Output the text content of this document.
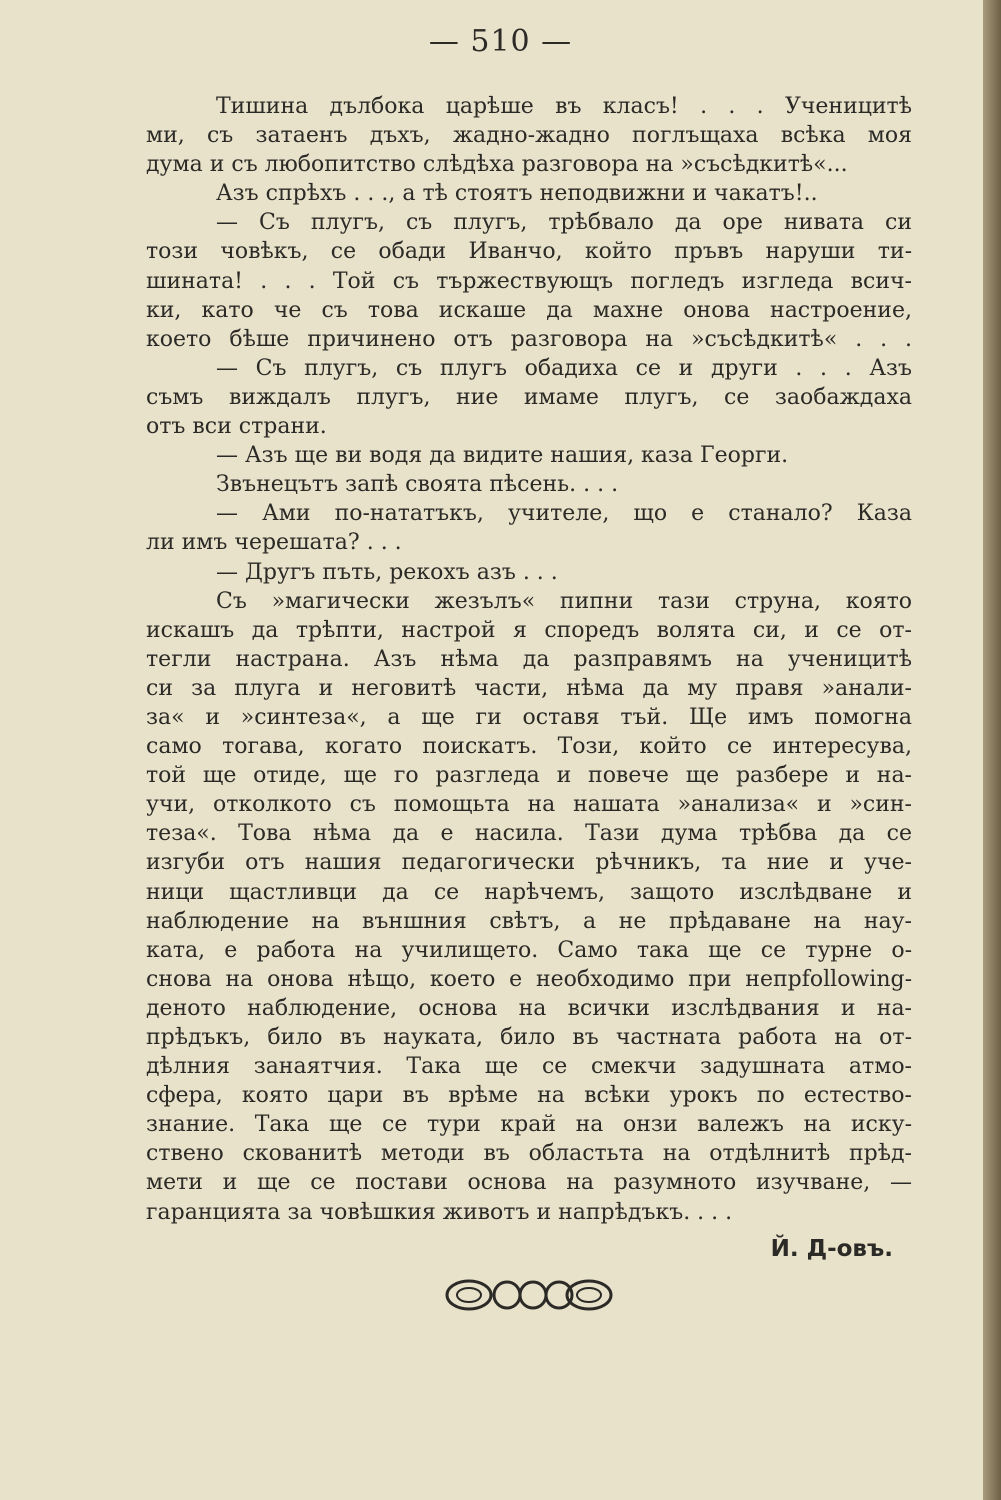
— 510 —
Тишина дълбока царѣше въ класъ! . . . Ученицитѣ
ми, съ затаенъ дъхъ, жадно-жадно поглъщаха всѣка моя
дума и съ любопитство слѣдѣха разговора на »съсѣдкитѣ«...
Азъ спрѣхъ . . ., а тѣ стоятъ неподвижни и чакатъ!..
— Съ плугъ, съ плугъ, трѣбвало да оре нивата си
този човѣкъ, се обади Иванчо, който пръвъ наруши ти-
шината! . . . Той съ тържествующъ погледъ изгледа всич-
ки, като че съ това искаше да махне онова настроение,
което бѣше причинено отъ разговора на »съсѣдкитѣ« . . .
— Съ плугъ, съ плугъ обадиха се и други . . . Азъ
съмъ виждалъ плугъ, ние имаме плугъ, се заобаждаха
отъ вси страни.
— Азъ ще ви водя да видите нашия, каза Георги.
Звънецътъ запѣ своята пѣсень. . . .
— Ами по-нататъкъ, учителе, що е станало? Каза
ли имъ черешата? . . .
— Другъ пъть, рекохъ азъ . . .
Съ »магически жезълъ« пипни тази струна, която
искашъ да трѣпти, настрой я споредъ волята си, и се от-
тегли настрана. Азъ нѣма да разправямъ на ученицитѣ
си за плуга и неговитѣ части, нѣма да му правя »анали-
за« и »синтеза«, а ще ги оставя тъй. Ще имъ помогна
само тогава, когато поискатъ. Този, който се интересува,
той ще отиде, ще го разгледа и повече ще разбере и на-
учи, отколкото съ помощьта на нашата »анализа« и »син-
теза«. Това нѣма да е насила. Тази дума трѣбва да се
изгуби отъ нашия педагогически рѣчникъ, та ние и уче-
ници щастливци да се нарѣчемъ, защото изслѣдване и
наблюдение на външния свѣтъ, а не прѣдаване на нау-
ката, е работа на училището. Само така ще се турне о-
снова на онова нѣщо, което е необходимо при непрfollowing-
деното наблюдение, основа на всички изслѣдвания и на-
прѣдъкъ, било въ науката, било въ частната работа на от-
дѣлния занаятчия. Така ще се смекчи задушната атмо-
сфера, която цари въ врѣме на всѣки урокъ по естество-
знание. Така ще се тури край на онзи валежъ на иску-
ствено скованитѣ методи въ областьта на отдѣлнитѣ прѣд-
мети и ще се постави основа на разумното изучване, —
гаранцията за човѣшкия животъ и напрѣдъкъ. . . .
Й. Д-овъ.
